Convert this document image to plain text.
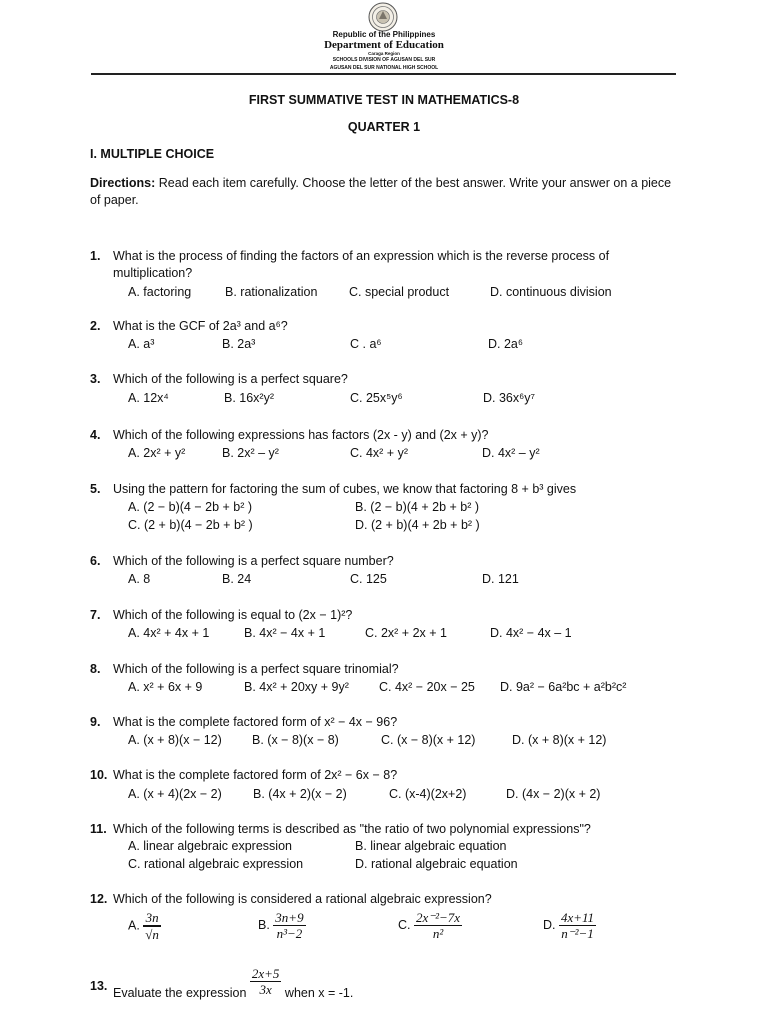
Republic of the Philippines
Department of Education
Caraga Region
SCHOOLS DIVISION OF AGUSAN DEL SUR
AGUSAN DEL SUR NATIONAL HIGH SCHOOL
FIRST SUMMATIVE TEST IN MATHEMATICS-8
QUARTER 1
I. MULTIPLE CHOICE
Directions: Read each item carefully. Choose the letter of the best answer. Write your answer on a piece of paper.
1. What is the process of finding the factors of an expression which is the reverse process of multiplication?
A. factoring	B. rationalization	C. special product	D. continuous division
2. What is the GCF of 2a³ and a⁶?
A. a³	B. 2a³	C . a⁶	D. 2a⁶
3. Which of the following is a perfect square?
A. 12x⁴	B. 16x²y²	C. 25x⁵y⁶	D. 36x⁶y⁷
4. Which of the following expressions has factors (2x - y) and (2x + y)?
A. 2x² + y²	B. 2x² – y²	C. 4x² + y²	D. 4x² – y²
5. Using the pattern for factoring the sum of cubes, we know that factoring 8 + b³ gives
A. (2 − b)(4 − 2b + b² )	B. (2 − b)(4 + 2b + b² )
C. (2 + b)(4 − 2b + b² )	D. (2 + b)(4 + 2b + b² )
6. Which of the following is a perfect square number?
A. 8	B. 24	C. 125	D. 121
7. Which of the following is equal to (2x − 1)²?
A. 4x² + 4x + 1	B. 4x² − 4x + 1	C. 2x² + 2x + 1	D. 4x² − 4x – 1
8. Which of the following is a perfect square trinomial?
A. x² + 6x + 9	B. 4x² + 20xy + 9y² C. 4x² − 20x − 25 D. 9a² − 6a²bc + a²b²c²
9. What is the complete factored form of x² − 4x − 96?
A. (x + 8)(x − 12) B. (x − 8)(x − 8)	C. (x − 8)(x + 12)	D. (x + 8)(x + 12)
10. What is the complete factored form of 2x² − 6x − 8?
A. (x + 4)(2x − 2) B. (4x + 2)(x − 2)	C. (x-4)(2x+2)	D. (4x − 2)(x + 2)
11. Which of the following terms is described as "the ratio of two polynomial expressions"?
A. linear algebraic expression	B. linear algebraic equation
C. rational algebraic expression	D. rational algebraic equation
12. Which of the following is considered a rational algebraic expression?
A. $\frac{3n}{√n}$	B. $\frac{3n+9}{\text{n³−2}}$	C. $\frac{\text{2x⁻²−7x}}{\text{n²}}$	D. $\frac{4x+11}{\text{n⁻²−1}}$
13. Evaluate the expression $\frac{2x+5}{3x}$ when x = -1.
